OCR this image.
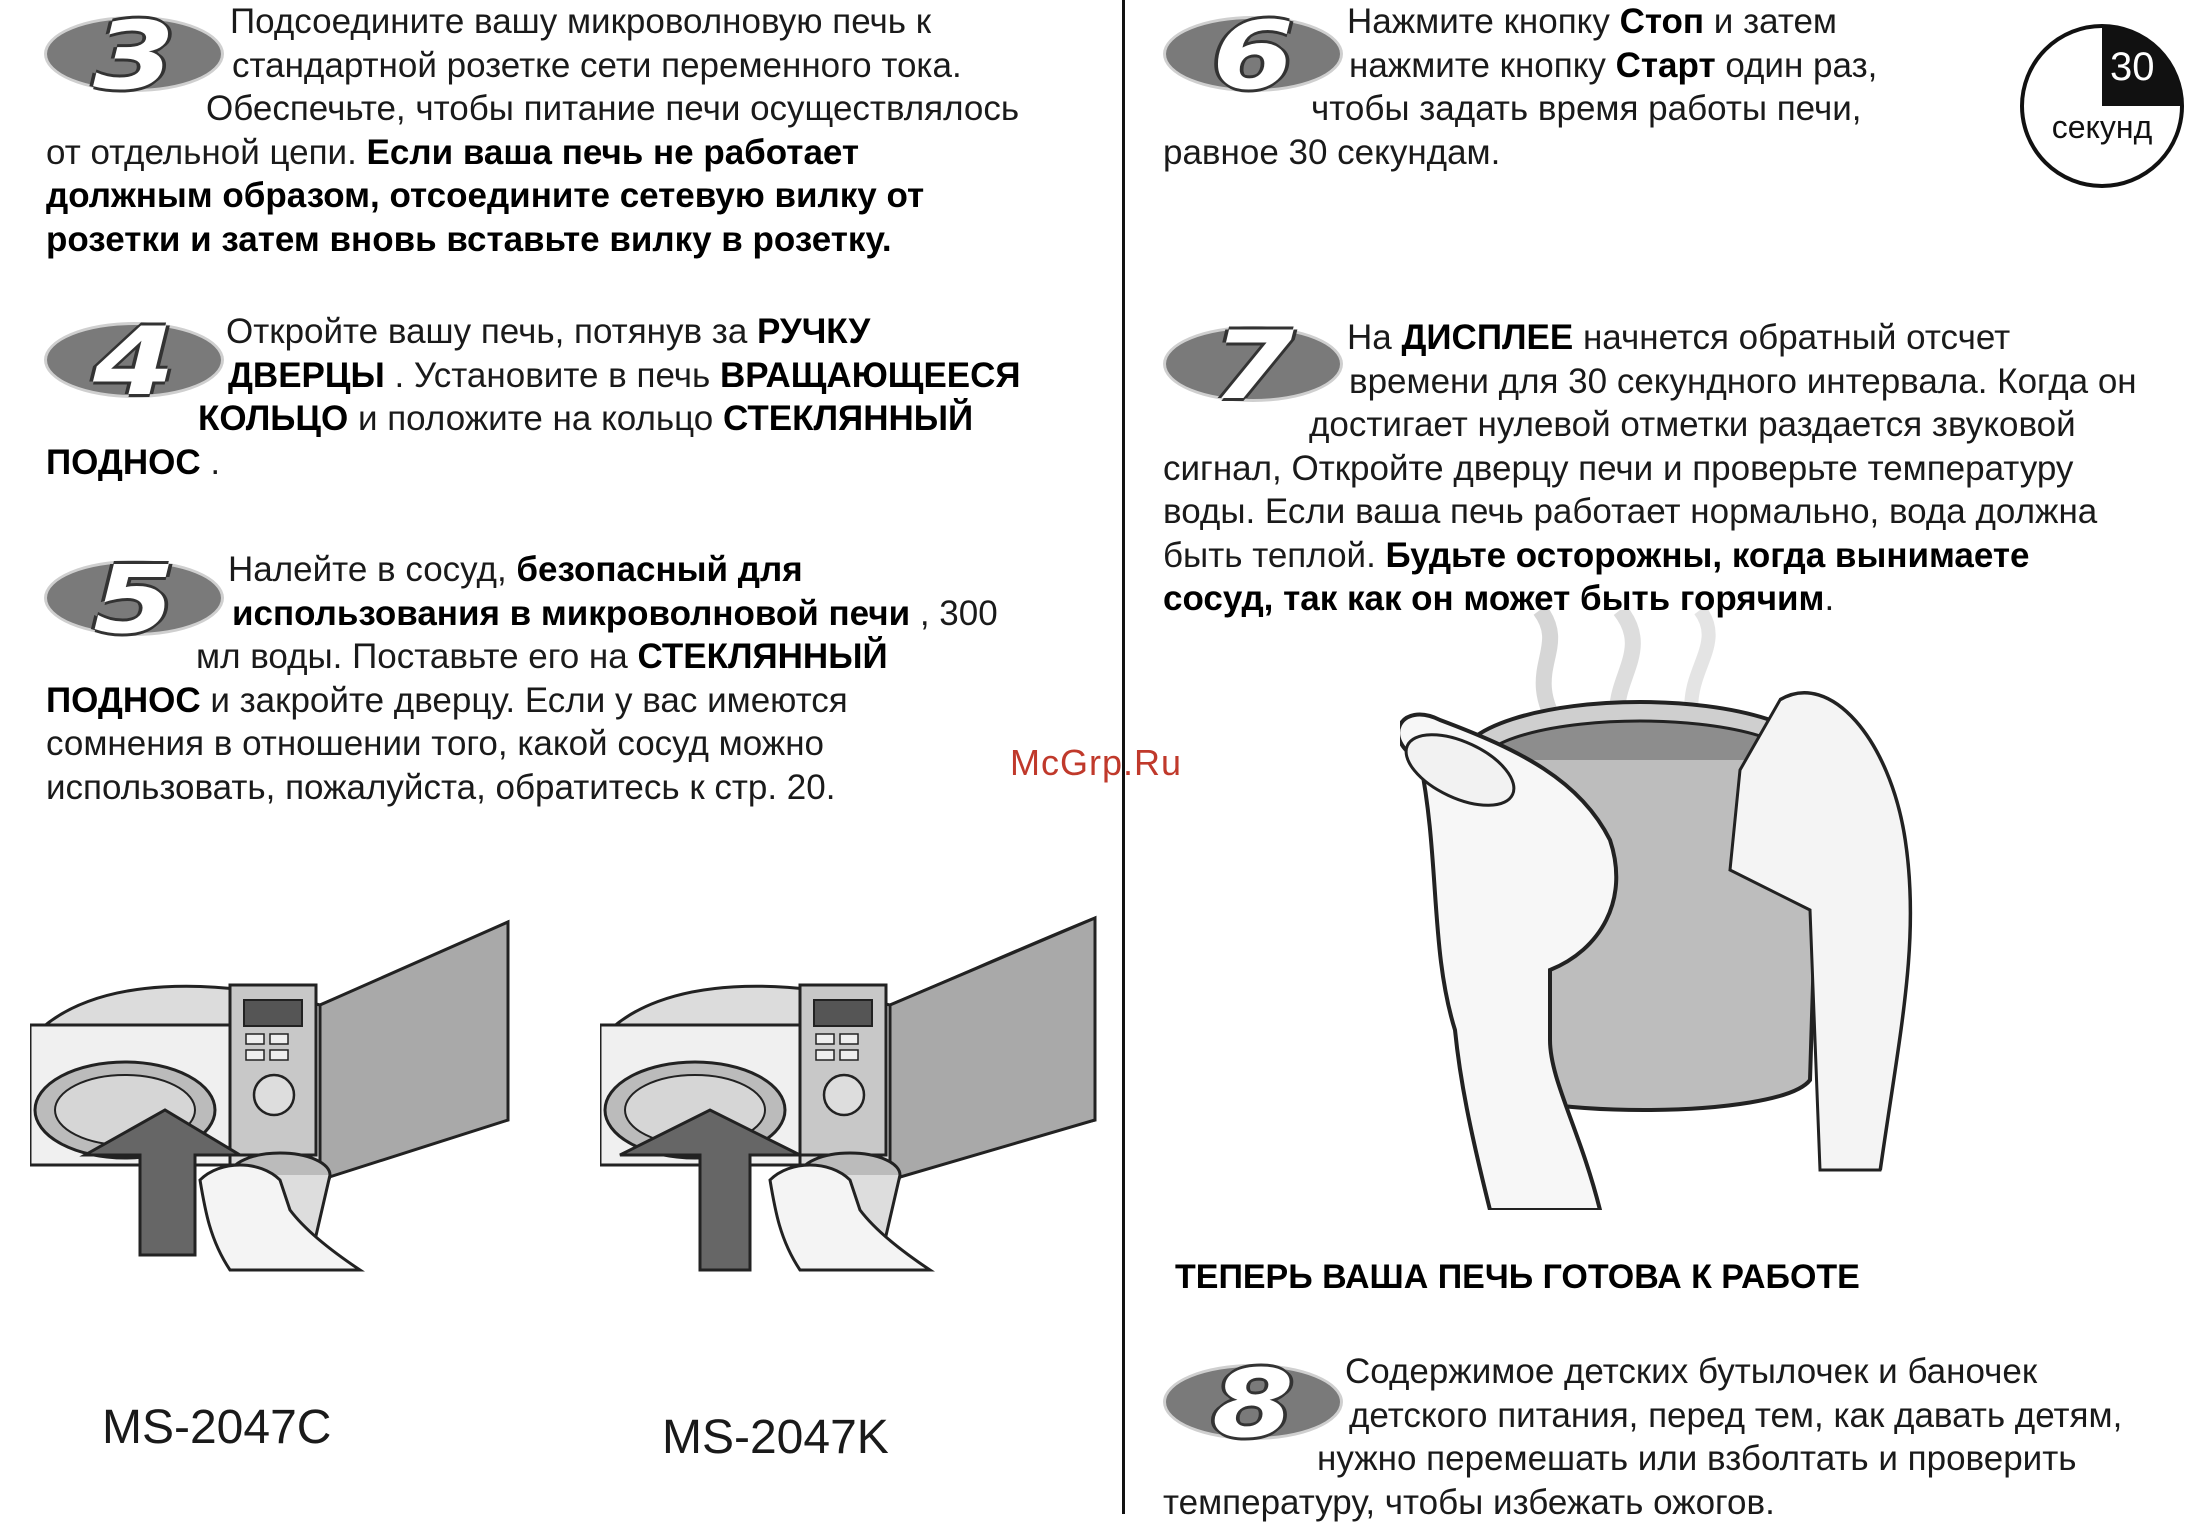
3	Подсоедините вашу микроволновую печь к
стандартной розетке сети переменного тока.
Обеспечьте, чтобы питание печи осуществлялось
от отдельной цепи. Если ваша печь не работает
должным образом, отсоедините сетевую вилку от
розетки и затем вновь вставьте вилку в розетку.
4	Откройте вашу печь, потянув за РУЧКУ
ДВЕРЦЫ . Установите в печь ВРАЩАЮЩЕЕСЯ
КОЛЬЦО и положите на кольцо СТЕКЛЯННЫЙ
ПОДНОС .
5	Налейте в сосуд, безопасный для
использования в микроволновой печи , 300
мл воды. Поставьте его на СТЕКЛЯННЫЙ
ПОДНОС и закройте дверцу. Если у вас имеются
сомнения в отношении того, какой сосуд можно
использовать, пожалуйста, обратитесь к стр. 20.
MS-2047C	MS-2047K
McGrp.Ru
6	Нажмите кнопку Стоп и затем
нажмите кнопку Старт один раз,
чтобы задать время работы печи,
равное 30 секундам.
30
секунд
7	На ДИСПЛЕЕ начнется обратный отсчет
времени для 30 секундного интервала. Когда он
достигает нулевой отметки раздается звуковой
сигнал, Откройте дверцу печи и проверьте температуру
воды. Если ваша печь работает нормально, вода должна
быть теплой. Будьте осторожны, когда вынимаете
сосуд, так как он может быть горячим.
ТЕПЕРЬ ВАША ПЕЧЬ ГОТОВА К РАБОТЕ
8	Содержимое детских бутылочек и баночек
детского питания, перед тем, как давать детям,
нужно перемешать или взболтать и проверить
температуру, чтобы избежать ожогов.
